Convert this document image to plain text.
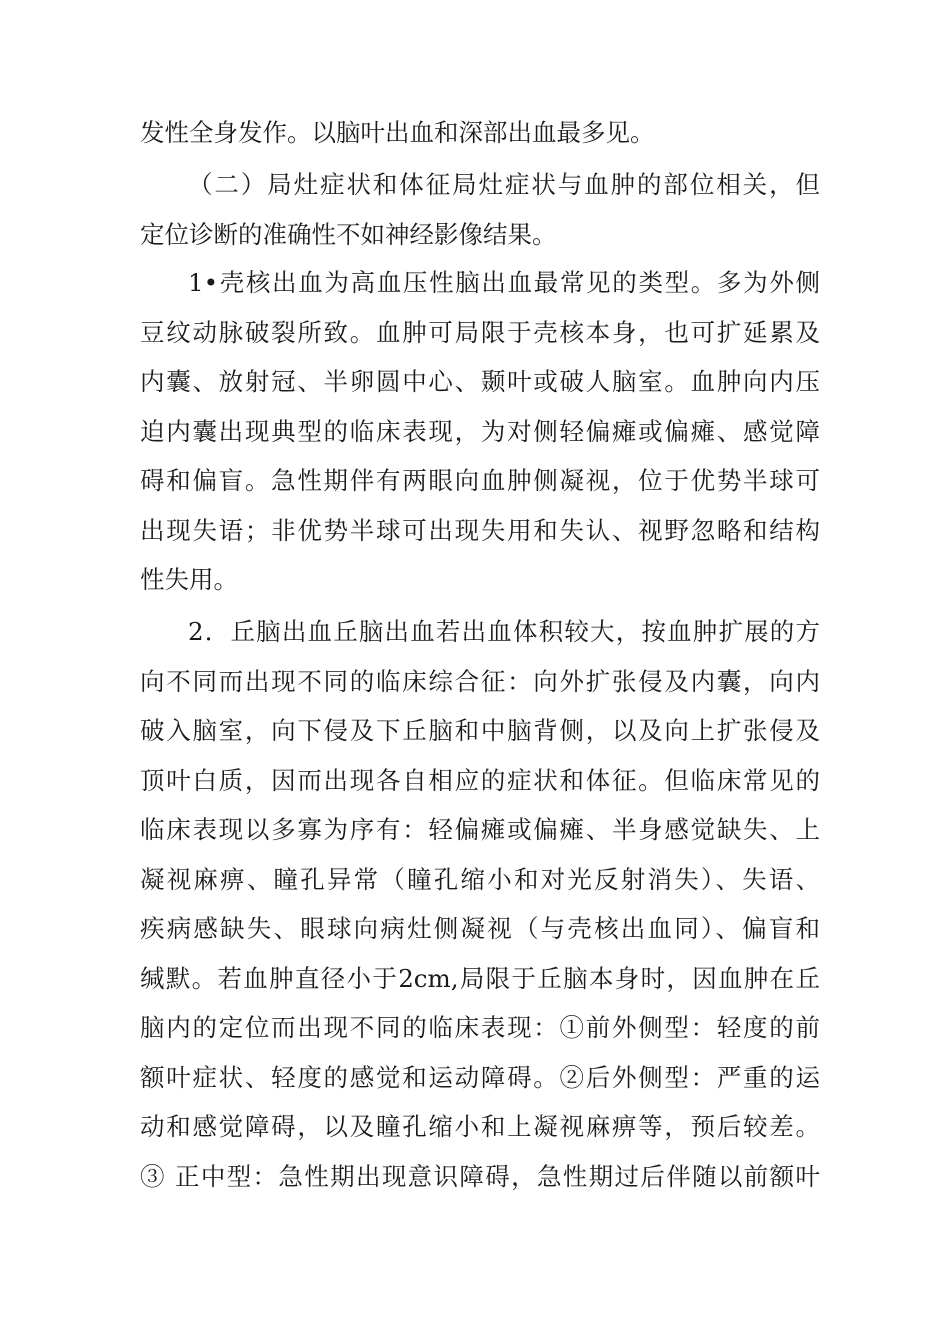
发性全身发作。以脑叶出血和深部出血最多见。
（二）局灶症状和体征局灶症状与血肿的部位相关，但
定位诊断的准确性不如神经影像结果。
1•壳核出血为高血压性脑出血最常见的类型。多为外侧
豆纹动脉破裂所致。血肿可局限于壳核本身，也可扩延累及
内囊、放射冠、半卵圆中心、颞叶或破人脑室。血肿向内压
迫内囊出现典型的临床表现，为对侧轻偏瘫或偏瘫、感觉障
碍和偏盲。急性期伴有两眼向血肿侧凝视，位于优势半球可
出现失语；非优势半球可出现失用和失认、视野忽略和结构
性失用。
2．丘脑出血丘脑出血若出血体积较大，按血肿扩展的方
向不同而出现不同的临床综合征：向外扩张侵及内囊，向内
破入脑室，向下侵及下丘脑和中脑背侧，以及向上扩张侵及
顶叶白质，因而出现各自相应的症状和体征。但临床常见的
临床表现以多寡为序有：轻偏瘫或偏瘫、半身感觉缺失、上
凝视麻痹、瞳孔异常（瞳孔缩小和对光反射消失）、失语、
疾病感缺失、眼球向病灶侧凝视（与壳核出血同）、偏盲和
缄默。若血肿直径小于2cm,局限于丘脑本身时，因血肿在丘
脑内的定位而出现不同的临床表现：①前外侧型：轻度的前
额叶症状、轻度的感觉和运动障碍。②后外侧型：严重的运
动和感觉障碍，以及瞳孔缩小和上凝视麻痹等，预后较差。
③ 正中型：急性期出现意识障碍，急性期过后伴随以前额叶
